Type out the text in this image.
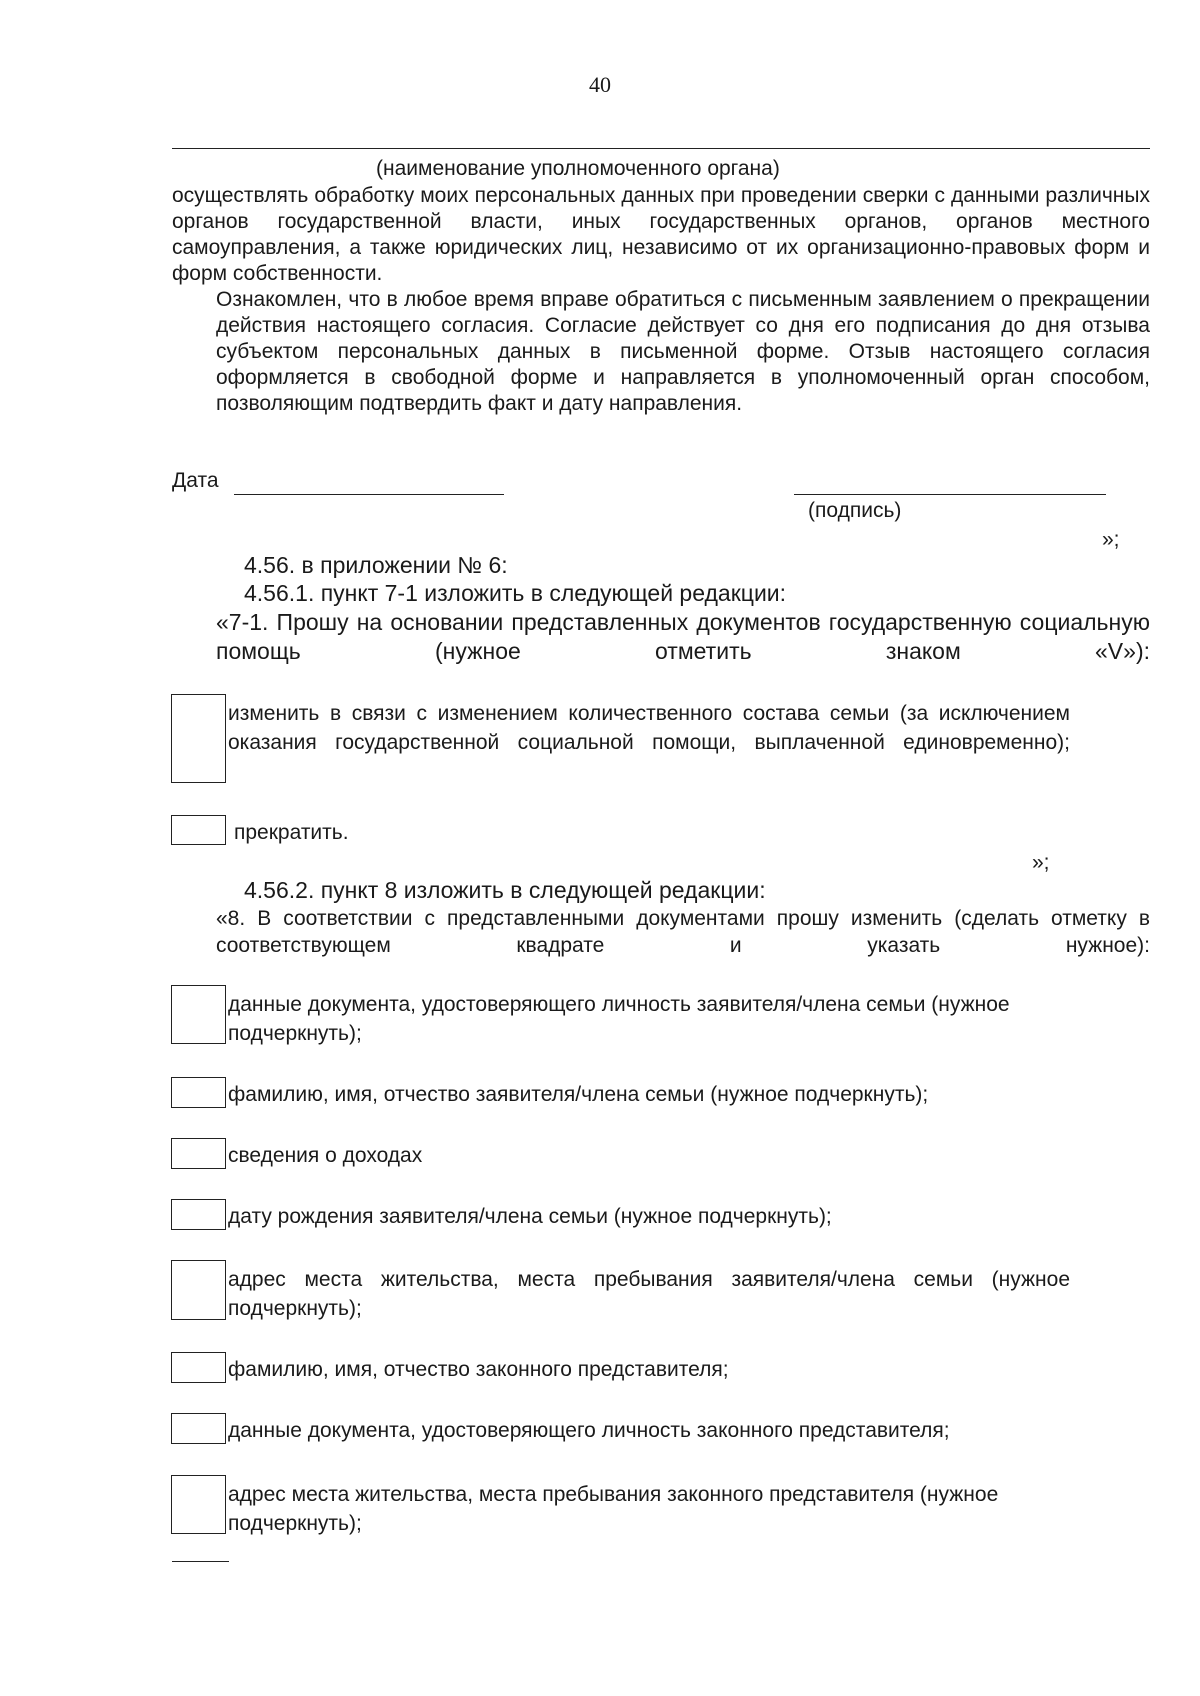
40
(наименование уполномоченного органа)
осуществлять обработку моих персональных данных при проведении сверки с данными различных органов государственной власти, иных государственных органов, органов местного самоуправления, а также юридических лиц, независимо от их организационно-правовых форм и форм собственности.
Ознакомлен, что в любое время вправе обратиться с письменным заявлением о прекращении действия настоящего согласия. Согласие действует со дня его подписания до дня отзыва субъектом персональных данных в письменной форме. Отзыв настоящего согласия оформляется в свободной форме и направляется в уполномоченный орган способом, позволяющим подтвердить факт и дату направления.
Дата
(подпись)
»;
4.56. в приложении № 6:
4.56.1. пункт 7-1 изложить в следующей редакции:
«7-1. Прошу на основании представленных документов государственную социальную помощь (нужное отметить знаком «V»):
изменить в связи с изменением количественного состава семьи (за исключением оказания государственной социальной помощи, выплаченной единовременно);
прекратить.
»;
4.56.2. пункт 8 изложить в следующей редакции:
«8. В соответствии с представленными документами прошу изменить (сделать отметку в соответствующем квадрате и указать нужное):
данные документа, удостоверяющего личность заявителя/члена семьи (нужное подчеркнуть);
фамилию, имя, отчество заявителя/члена семьи (нужное подчеркнуть);
сведения о доходах
дату рождения заявителя/члена семьи (нужное подчеркнуть);
адрес места жительства, места пребывания заявителя/члена семьи (нужное подчеркнуть);
фамилию, имя, отчество законного представителя;
данные документа, удостоверяющего личность законного представителя;
адрес места жительства, места пребывания законного представителя (нужное подчеркнуть);
